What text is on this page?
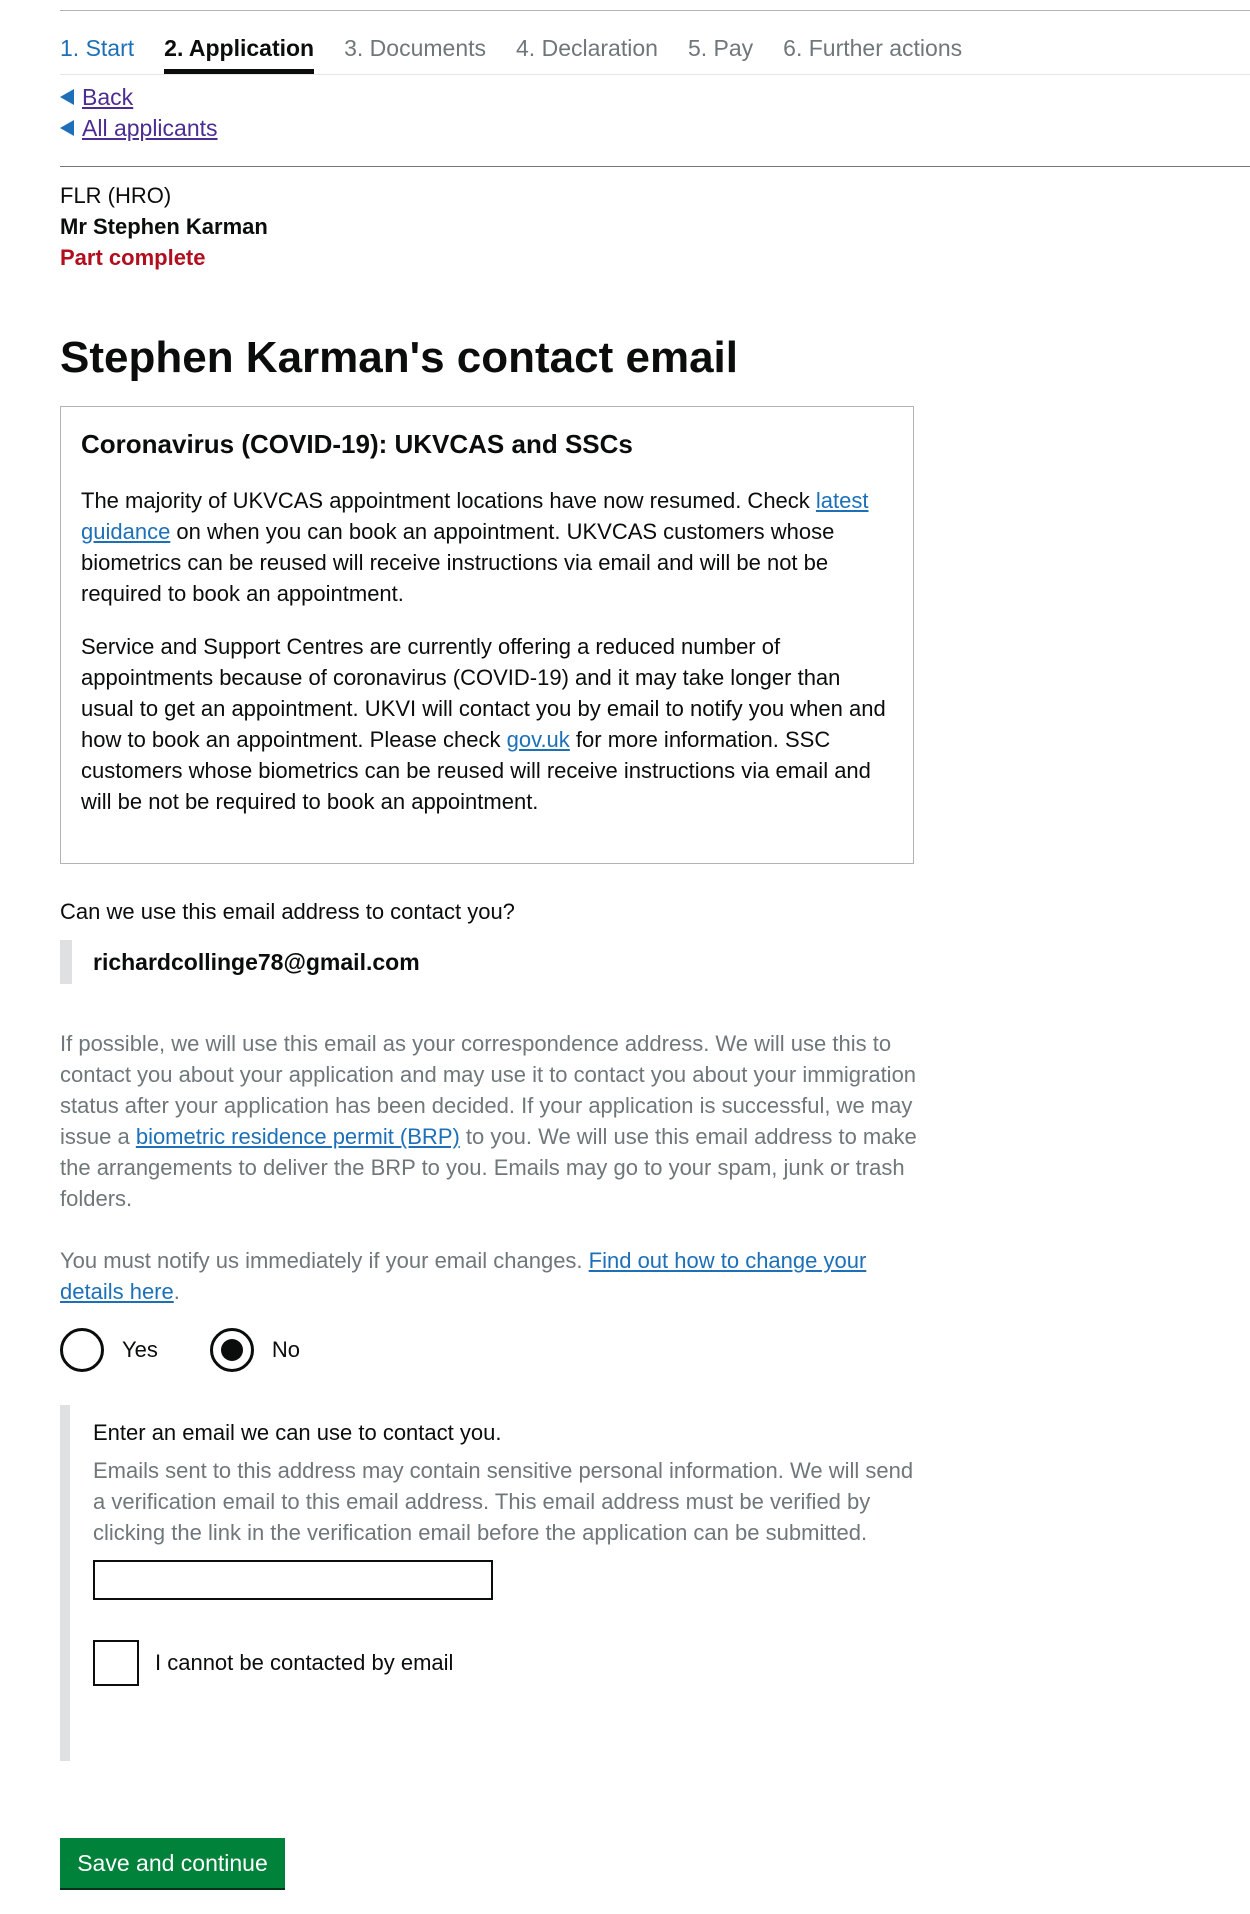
1. Start 2. Application 3. Documents 4. Declaration 5. Pay 6. Further actions
Back
All applicants
FLR (HRO)
Mr Stephen Karman
Part complete
Stephen Karman's contact email
Coronavirus (COVID-19): UKVCAS and SSCs

The majority of UKVCAS appointment locations have now resumed. Check latest guidance on when you can book an appointment. UKVCAS customers whose biometrics can be reused will receive instructions via email and will be not be required to book an appointment.

Service and Support Centres are currently offering a reduced number of appointments because of coronavirus (COVID-19) and it may take longer than usual to get an appointment. UKVI will contact you by email to notify you when and how to book an appointment. Please check gov.uk for more information. SSC customers whose biometrics can be reused will receive instructions via email and will be not be required to book an appointment.

Can we use this email address to contact you?
richardcollinge78@gmail.com
If possible, we will use this email as your correspondence address. We will use this to contact you about your application and may use it to contact you about your immigration status after your application has been decided. If your application is successful, we may issue a biometric residence permit (BRP) to you. We will use this email address to make the arrangements to deliver the BRP to you. Emails may go to your spam, junk or trash folders.
You must notify us immediately if your email changes. Find out how to change your details here.
Yes	No
Enter an email we can use to contact you.
Emails sent to this address may contain sensitive personal information. We will send a verification email to this email address. This email address must be verified by clicking the link in the verification email before the application can be submitted.
I cannot be contacted by email
Save and continue
